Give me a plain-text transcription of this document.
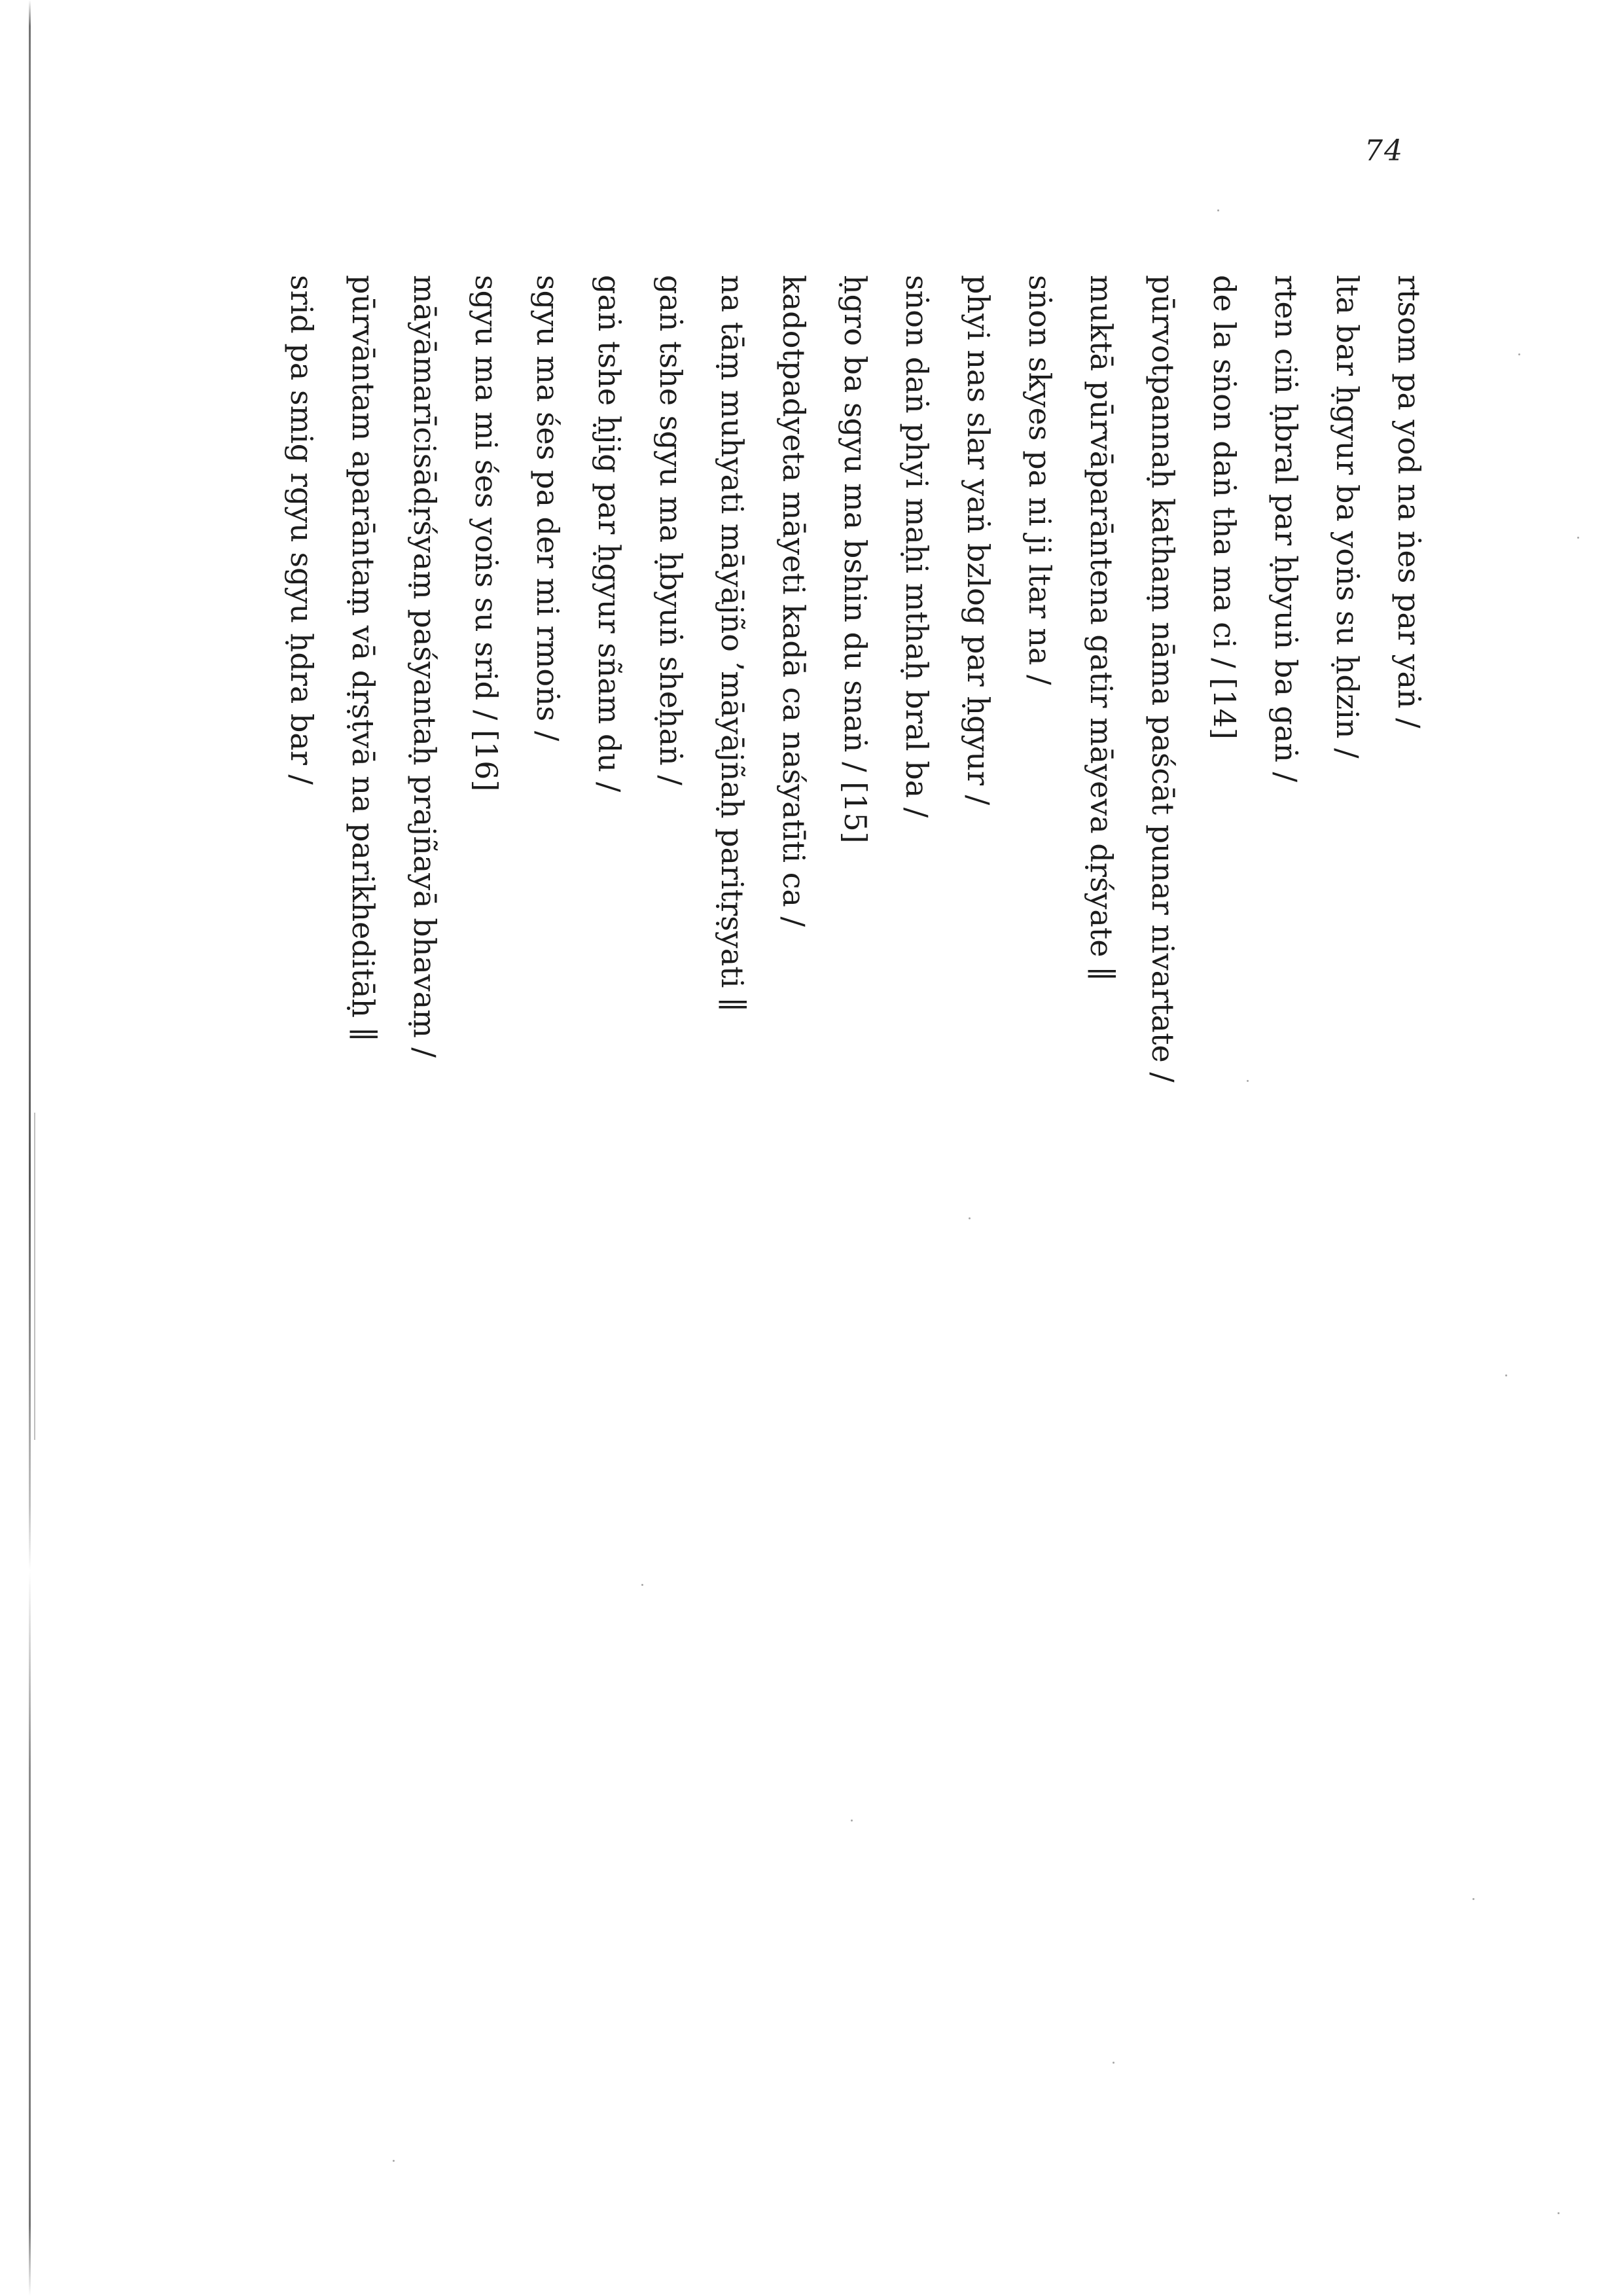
74
rtsom pa yod na ṅes par yaṅ /
lta bar ḥgyur ba yoṅs su ḥdzin /
rten ciṅ ḥbral par ḥbyuṅ ba gaṅ /
de la sṅon daṅ tha ma ci / [14]
pūrvotpannaḥ kathaṃ nāma paścāt punar nivartate /
muktā pūrvāparāntena gatir māyeva dṛśyate ∥
sṅon skyes pa ni ji ltar na /
phyi nas slar yaṅ bzlog par ḥgyur /
sṅon daṅ phyi maḥi mthaḥ bral ba /
ḥgro ba sgyu ma bshin du snaṅ / [15]
kadotpadyeta māyeti kadā ca naśyatīti ca /
na tāṃ muhyati māyājño ’māyājñaḥ paritṛṣyati ∥
gaṅ tshe sgyu ma ḥbyuṅ sheḥaṅ /
gaṅ tshe ḥjig par ḥgyur sñam du /
sgyu ma śes pa der mi rmoṅs /
sgyu ma mi śes yoṅs su srid / [16]
māyāmarīcisādṛśyaṃ paśyantaḥ prajñayā bhavaṃ /
pūrvāntam aparāntaṃ vā dṛṣṭvā na parikheditāḥ ∥
srid pa smig rgyu sgyu ḥdra bar /
